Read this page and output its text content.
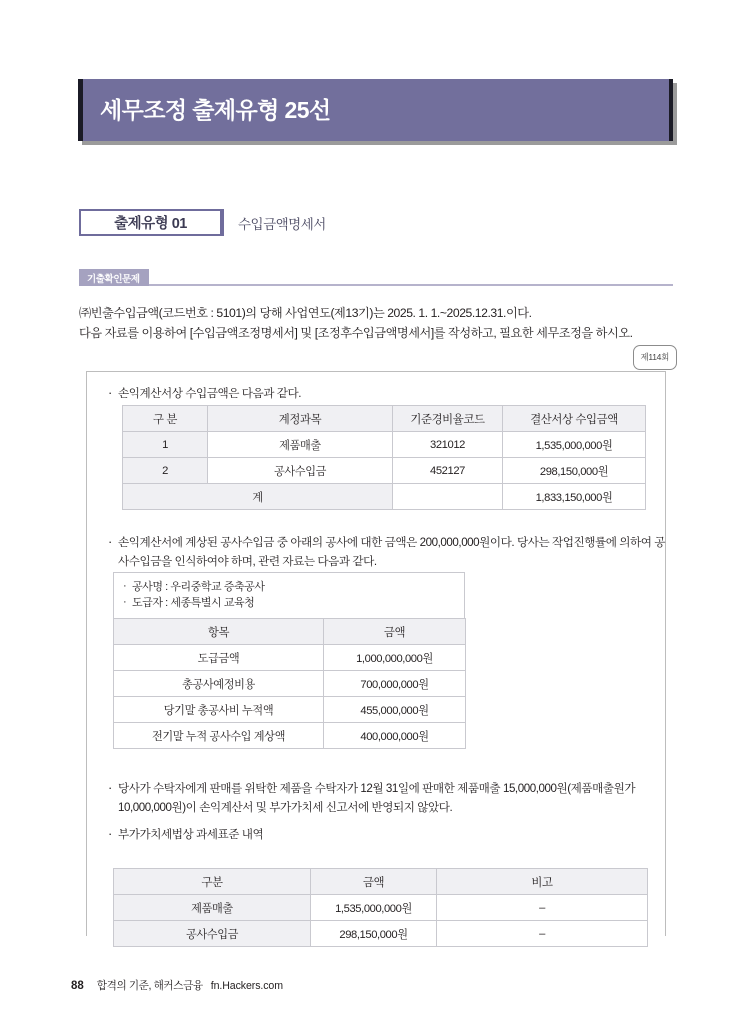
세무조정 출제유형 25선
출제유형 01	수입금액명세서
기출확인문제
㈜빈출수입금액(코드번호 : 5101)의 당해 사업연도(제13기)는 2025. 1. 1.~2025.12.31.이다.
다음 자료를 이용하여 [수입금액조정명세서] 및 [조정후수입금액명세서]를 작성하고, 필요한 세무조정을 하시오.
제114회
· 손익계산서상 수입금액은 다음과 같다.
구 분	계정과목	기준경비율코드	결산서상 수입금액
1	제품매출	321012	1,535,000,000원
2	공사수입금	452127	298,150,000원
계			1,833,150,000원
· 손익계산서에 계상된 공사수입금 중 아래의 공사에 대한 금액은 200,000,000원이다. 당사는 작업진행률에 의하여 공사수입금을 인식하여야 하며, 관련 자료는 다음과 같다.
· 공사명 : 우리중학교 증축공사
· 도급자 : 세종특별시 교육청
항목	금액
도급금액	1,000,000,000원
총공사예정비용	700,000,000원
당기말 총공사비 누적액	455,000,000원
전기말 누적 공사수입 계상액	400,000,000원
· 당사가 수탁자에게 판매를 위탁한 제품을 수탁자가 12월 31일에 판매한 제품매출 15,000,000원(제품매출원가 10,000,000원)이 손익계산서 및 부가가치세 신고서에 반영되지 않았다.
· 부가가치세법상 과세표준 내역
구분	금액	비고
제품매출	1,535,000,000원	–
공사수입금	298,150,000원	–
88 합격의 기준, 해커스금융 fn.Hackers.com
